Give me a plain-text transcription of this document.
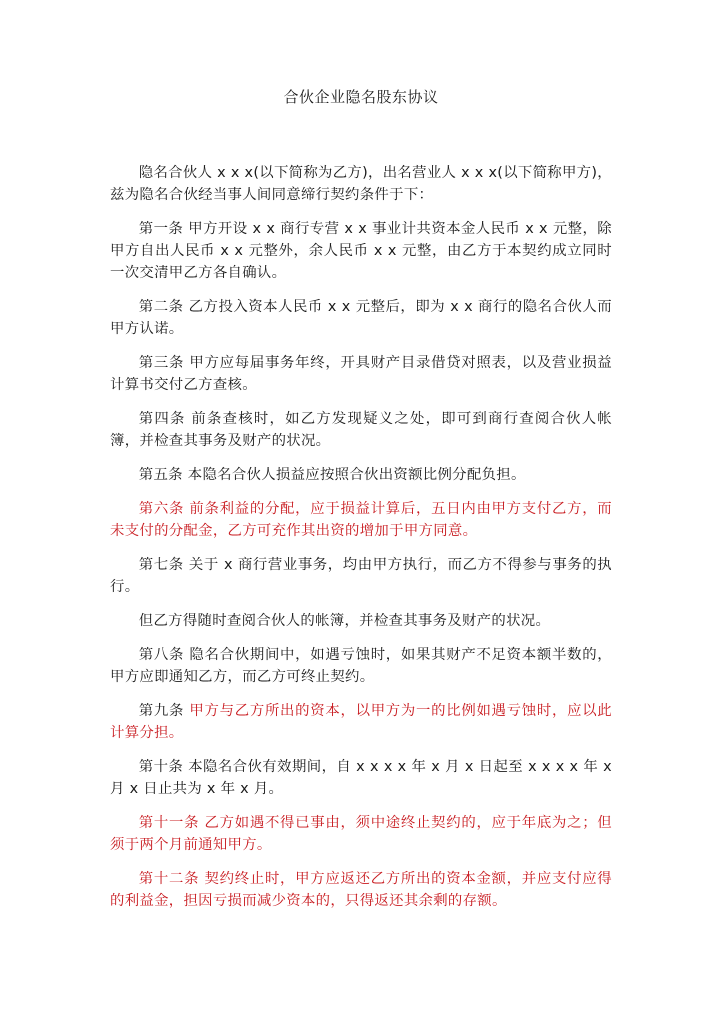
合伙企业隐名股东协议

隐名合伙人 x x x(以下简称为乙方)，出名营业人 x x x(以下简称甲方)，兹为隐名合伙经当事人间同意缔行契约条件于下：

第一条 甲方开设 x x 商行专营 x x 事业计共资本金人民币 x x 元整，除甲方自出人民币 x x 元整外，余人民币 x x 元整，由乙方于本契约成立同时一次交清甲乙方各自确认。

第二条 乙方投入资本人民币 x x 元整后，即为 x x 商行的隐名合伙人而甲方认诺。

第三条 甲方应每届事务年终，开具财产目录借贷对照表，以及营业损益计算书交付乙方查核。

第四条 前条查核时，如乙方发现疑义之处，即可到商行查阅合伙人帐簿，并检查其事务及财产的状况。

第五条 本隐名合伙人损益应按照合伙出资额比例分配负担。

第六条 前条利益的分配，应于损益计算后，五日内由甲方支付乙方，而未支付的分配金，乙方可充作其出资的增加于甲方同意。

第七条 关于 x 商行营业事务，均由甲方执行，而乙方不得参与事务的执行。

但乙方得随时查阅合伙人的帐簿，并检查其事务及财产的状况。

第八条 隐名合伙期间中，如遇亏蚀时，如果其财产不足资本额半数的，甲方应即通知乙方，而乙方可终止契约。

第九条 甲方与乙方所出的资本，以甲方为一的比例如遇亏蚀时，应以此计算分担。

第十条 本隐名合伙有效期间，自 x x x x 年 x 月 x 日起至 x x x x 年 x 月 x 日止共为 x 年 x 月。

第十一条 乙方如遇不得已事由，须中途终止契约的，应于年底为之；但须于两个月前通知甲方。

第十二条 契约终止时，甲方应返还乙方所出的资本金额，并应支付应得的利益金，担因亏损而减少资本的，只得返还其余剩的存额。
